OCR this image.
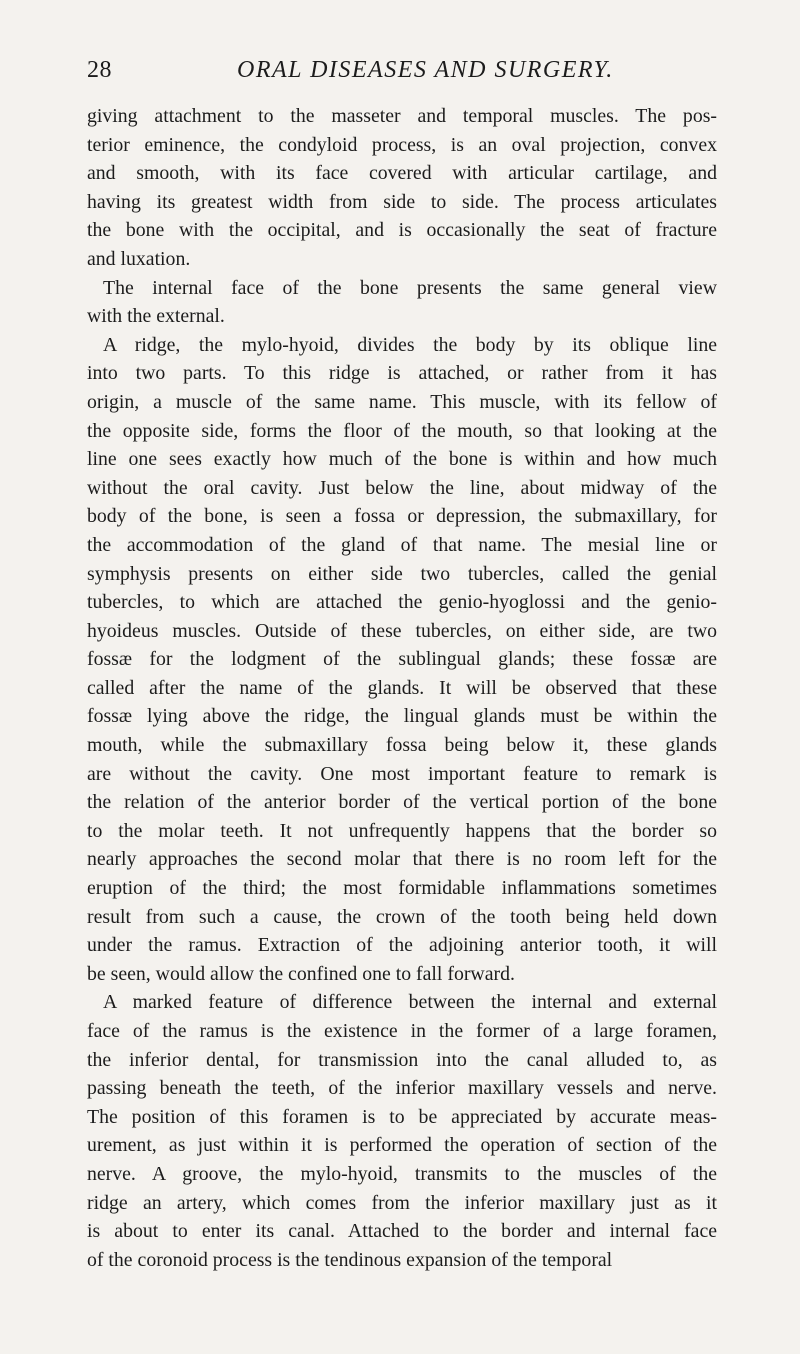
28	ORAL DISEASES AND SURGERY.
giving attachment to the masseter and temporal muscles. The pos-
terior eminence, the condyloid process, is an oval projection, convex
and smooth, with its face covered with articular cartilage, and
having its greatest width from side to side. The process articulates
the bone with the occipital, and is occasionally the seat of fracture
and luxation.
The internal face of the bone presents the same general view
with the external.
A ridge, the mylo-hyoid, divides the body by its oblique line
into two parts. To this ridge is attached, or rather from it has
origin, a muscle of the same name. This muscle, with its fellow of
the opposite side, forms the floor of the mouth, so that looking at the
line one sees exactly how much of the bone is within and how much
without the oral cavity. Just below the line, about midway of the
body of the bone, is seen a fossa or depression, the submaxillary, for
the accommodation of the gland of that name. The mesial line or
symphysis presents on either side two tubercles, called the genial
tubercles, to which are attached the genio-hyoglossi and the genio-
hyoideus muscles. Outside of these tubercles, on either side, are two
fossæ for the lodgment of the sublingual glands; these fossæ are
called after the name of the glands. It will be observed that these
fossæ lying above the ridge, the lingual glands must be within the
mouth, while the submaxillary fossa being below it, these glands
are without the cavity. One most important feature to remark is
the relation of the anterior border of the vertical portion of the bone
to the molar teeth. It not unfrequently happens that the border so
nearly approaches the second molar that there is no room left for the
eruption of the third; the most formidable inflammations sometimes
result from such a cause, the crown of the tooth being held down
under the ramus. Extraction of the adjoining anterior tooth, it will
be seen, would allow the confined one to fall forward.
A marked feature of difference between the internal and external
face of the ramus is the existence in the former of a large foramen,
the inferior dental, for transmission into the canal alluded to, as
passing beneath the teeth, of the inferior maxillary vessels and nerve.
The position of this foramen is to be appreciated by accurate meas-
urement, as just within it is performed the operation of section of the
nerve. A groove, the mylo-hyoid, transmits to the muscles of the
ridge an artery, which comes from the inferior maxillary just as it
is about to enter its canal. Attached to the border and internal face
of the coronoid process is the tendinous expansion of the temporal
